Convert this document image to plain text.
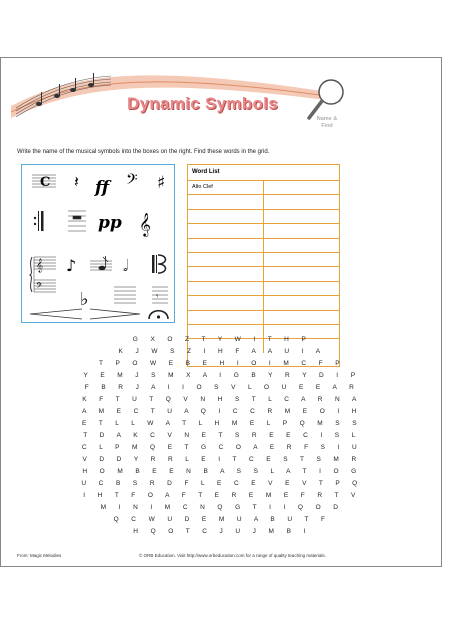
Dynamic Symbols
Name &
Find
Write the name of the musical symbols into the boxes on the right. Find these words in the grid.
C 𝄽 ff 𝄢 ♯
pp 𝄞
𝄞
𝄢
♪	𝅗𝅥
♭	𝄾
Word List
Alto Clef
G X O Z T Y W I T H P
K J W S Z I H F A A U I A
T P O W E B E H I O I M C F P
Y E M J S M X A I G B Y R Y D I P
F B R J A I I O S V L O U E E A R
K F T U T Q V N H S T L C A R N A
A M E C T U A Q I C C R M E O I H
E T L L W A T L H M E L P Q M S S
T D A K C V N E T S R E E C I S L
C L P M Q E T G C O A E R F S I U
V D D Y R R L E I T C E S T S M R
H O M B E E N B A S S L A T I O G
U C B S R D F L E C E V E V T P Q
I H T F O A F T E R E M E F R T V
M I N I M C N Q G T I I Q O D
Q C W U D E M U A B U T F
H Q O T C J U J M B I
From: Magic Melodies	© ORB Education. Visit http://www.orbeducation.com for a range of quality teaching materials.
